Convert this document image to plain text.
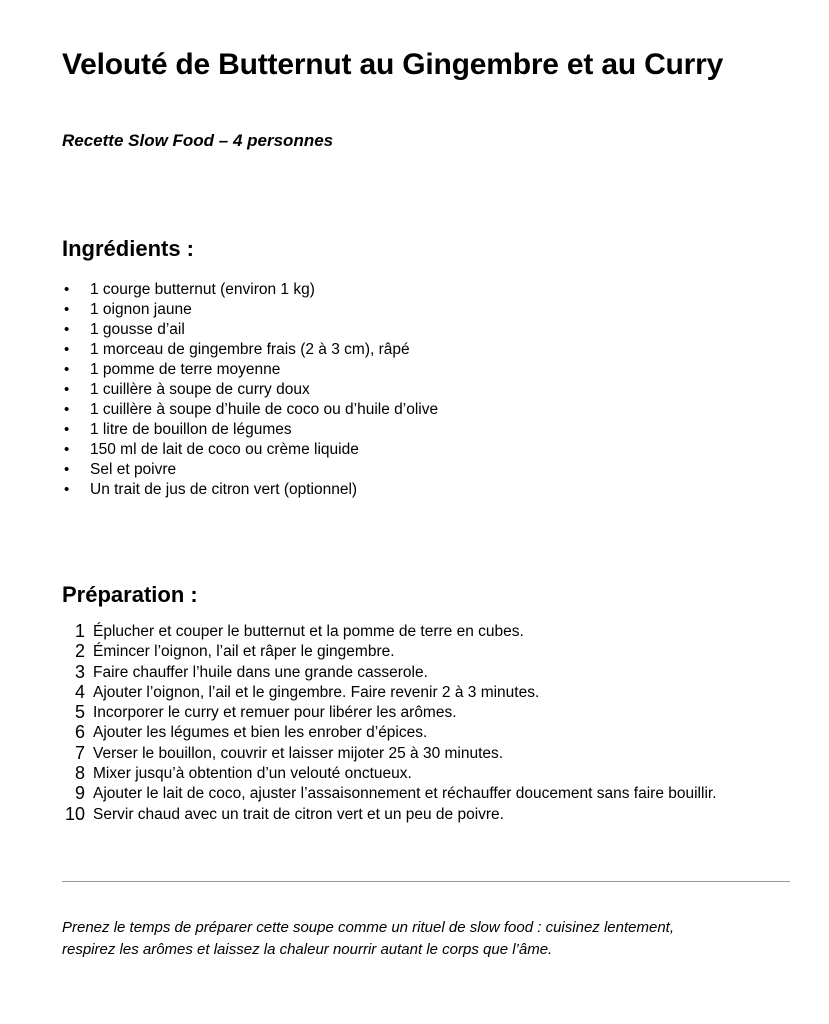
Velouté de Butternut au Gingembre et au Curry
Recette Slow Food – 4 personnes
Ingrédients :
•	1 courge butternut (environ 1 kg)
•	1 oignon jaune
•	1 gousse d’ail
•	1 morceau de gingembre frais (2 à 3 cm), râpé
•	1 pomme de terre moyenne
•	1 cuillère à soupe de curry doux
•	1 cuillère à soupe d’huile de coco ou d’huile d’olive
•	1 litre de bouillon de légumes
•	150 ml de lait de coco ou crème liquide
•	Sel et poivre
•	Un trait de jus de citron vert (optionnel)
Préparation :
1 Éplucher et couper le butternut et la pomme de terre en cubes.
2 Émincer l’oignon, l’ail et râper le gingembre.
3 Faire chauffer l’huile dans une grande casserole.
4 Ajouter l’oignon, l’ail et le gingembre. Faire revenir 2 à 3 minutes.
5 Incorporer le curry et remuer pour libérer les arômes.
6 Ajouter les légumes et bien les enrober d’épices.
7 Verser le bouillon, couvrir et laisser mijoter 25 à 30 minutes.
8 Mixer jusqu’à obtention d’un velouté onctueux.
9 Ajouter le lait de coco, ajuster l’assaisonnement et réchauffer doucement sans faire bouillir.
10 Servir chaud avec un trait de citron vert et un peu de poivre.
Prenez le temps de préparer cette soupe comme un rituel de slow food : cuisinez lentement,
respirez les arômes et laissez la chaleur nourrir autant le corps que l’âme.
